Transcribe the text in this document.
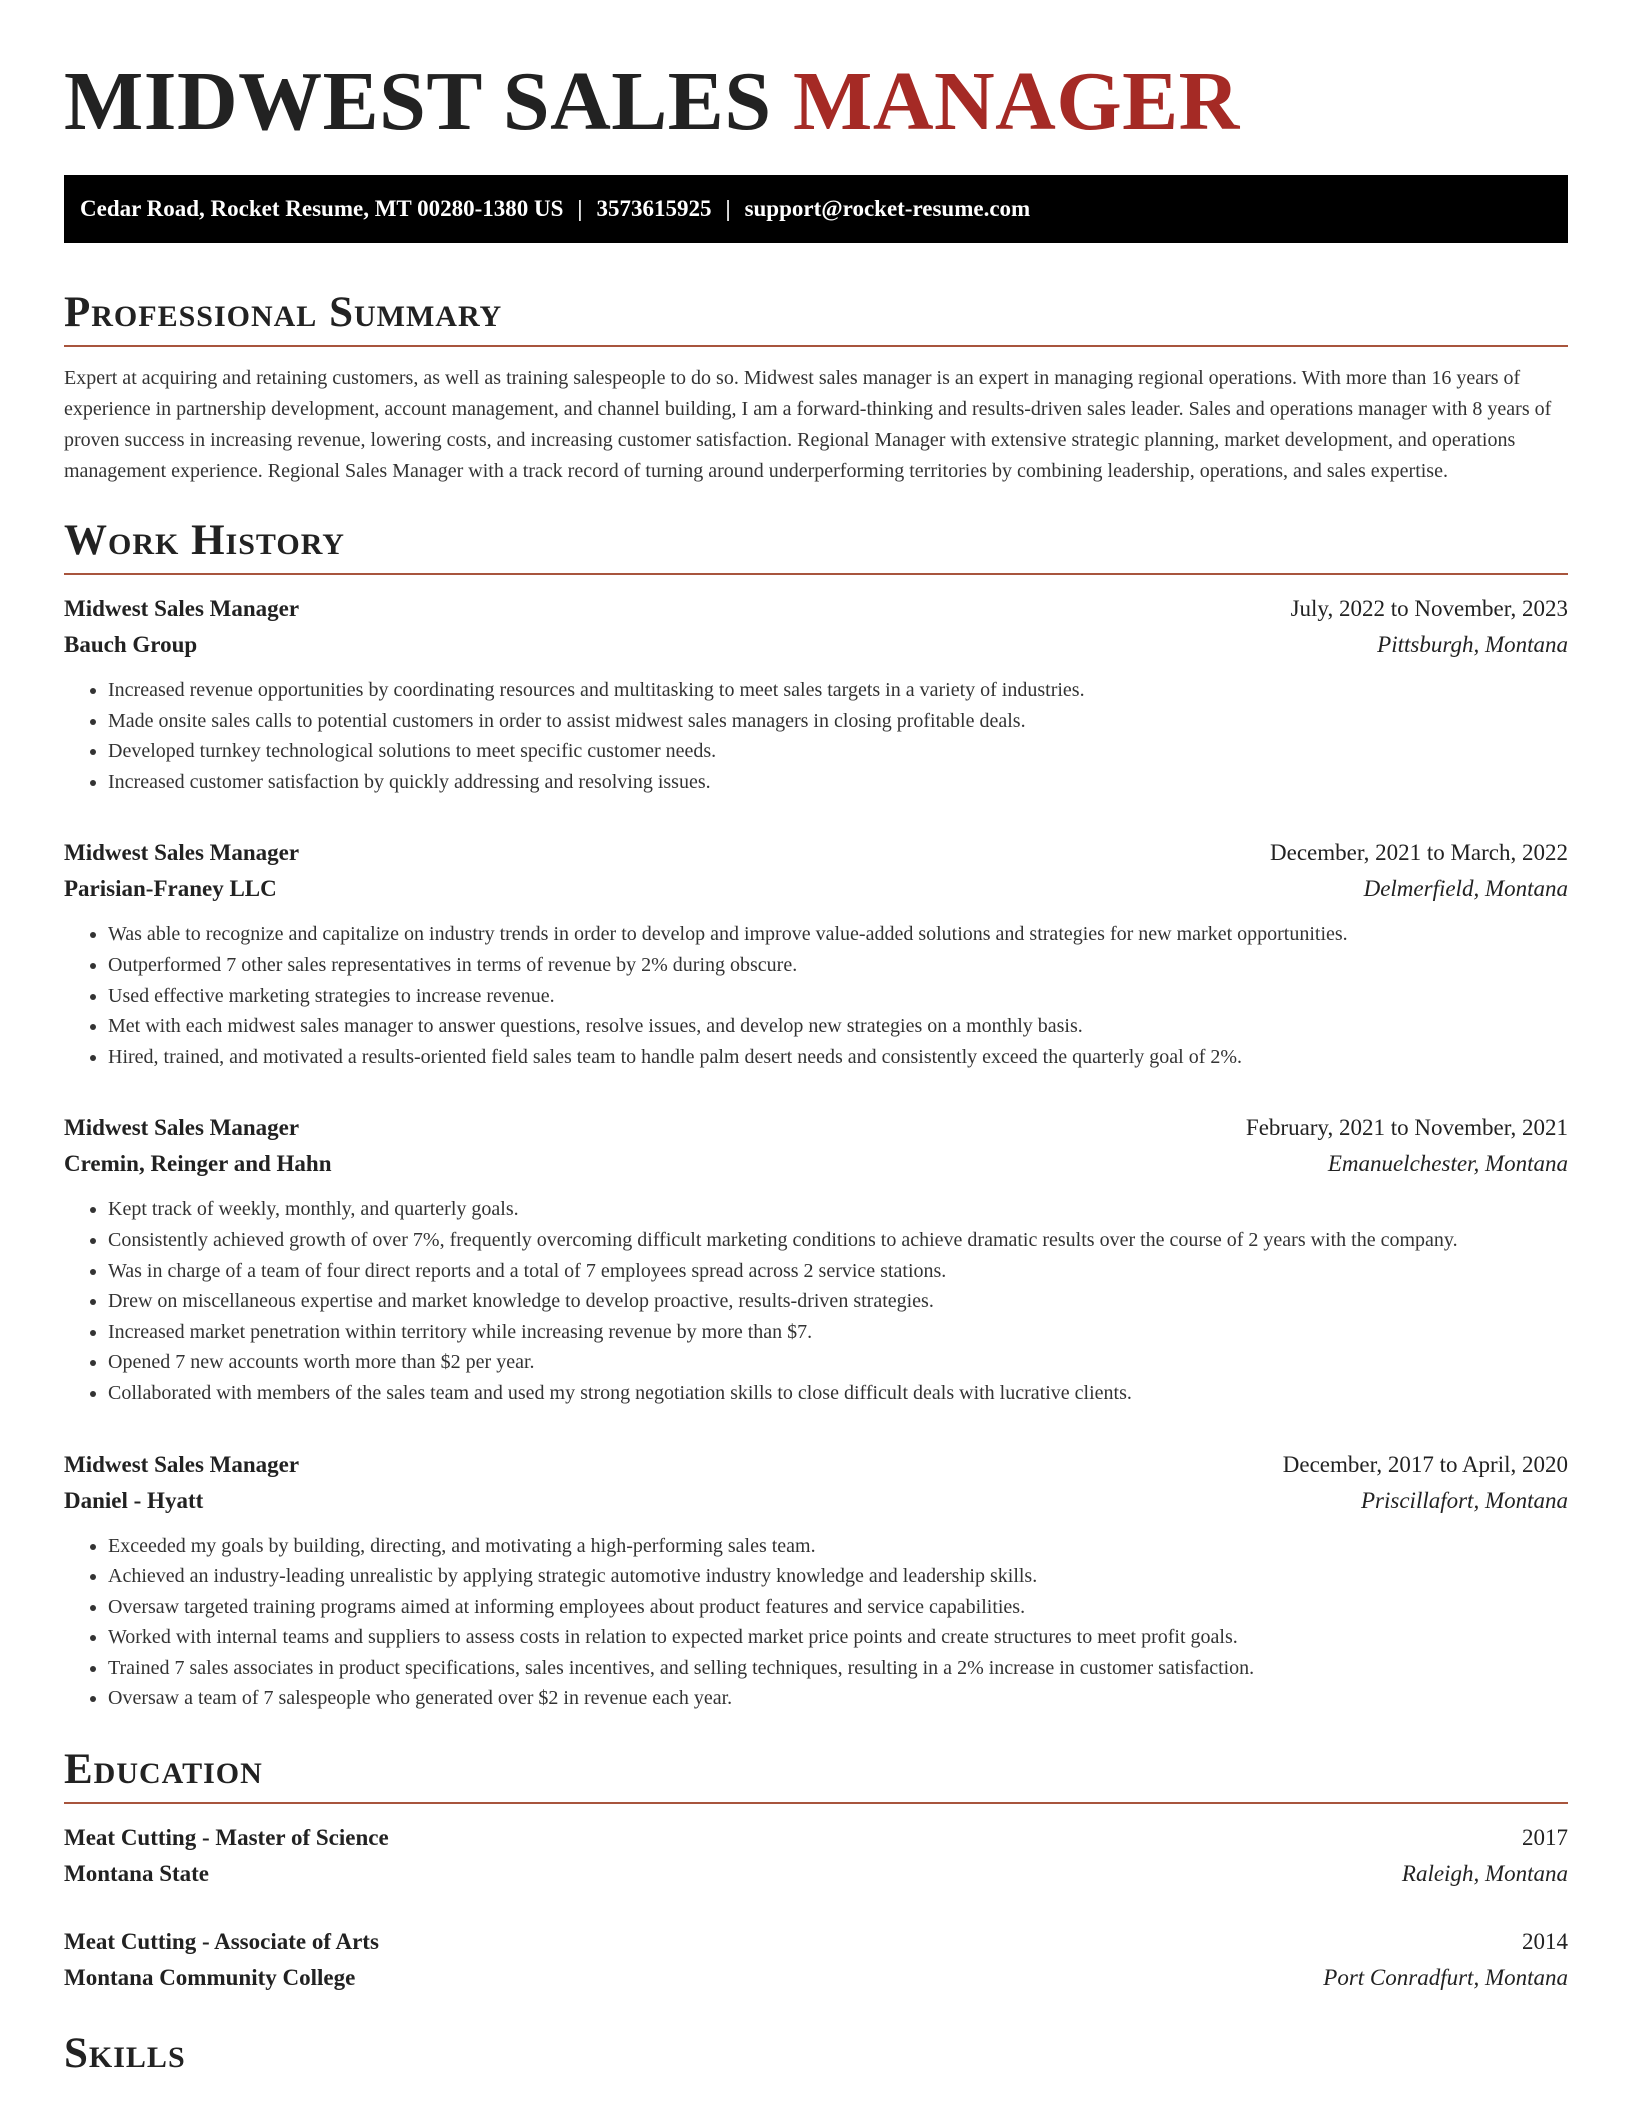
MIDWEST SALES MANAGER
Cedar Road, Rocket Resume, MT 00280-1380 US | 3573615925 | support@rocket-resume.com
Professional Summary

Expert at acquiring and retaining customers, as well as training salespeople to do so. Midwest sales manager is an expert in managing regional operations. With more than 16 years of experience in partnership development, account management, and channel building, I am a forward-thinking and results-driven sales leader. Sales and operations manager with 8 years of proven success in increasing revenue, lowering costs, and increasing customer satisfaction. Regional Manager with extensive strategic planning, market development, and operations management experience. Regional Sales Manager with a track record of turning around underperforming territories by combining leadership, operations, and sales expertise.

Work History
Midwest Sales Manager	July, 2022 to November, 2023
Bauch Group	Pittsburgh, Montana
• Increased revenue opportunities by coordinating resources and multitasking to meet sales targets in a variety of industries.
• Made onsite sales calls to potential customers in order to assist midwest sales managers in closing profitable deals.
• Developed turnkey technological solutions to meet specific customer needs.
• Increased customer satisfaction by quickly addressing and resolving issues.
Midwest Sales Manager	December, 2021 to March, 2022
Parisian-Franey LLC	Delmerfield, Montana
• Was able to recognize and capitalize on industry trends in order to develop and improve value-added solutions and strategies for new market opportunities.
• Outperformed 7 other sales representatives in terms of revenue by 2% during obscure.
• Used effective marketing strategies to increase revenue.
• Met with each midwest sales manager to answer questions, resolve issues, and develop new strategies on a monthly basis.
• Hired, trained, and motivated a results-oriented field sales team to handle palm desert needs and consistently exceed the quarterly goal of 2%.
Midwest Sales Manager	February, 2021 to November, 2021
Cremin, Reinger and Hahn	Emanuelchester, Montana
• Kept track of weekly, monthly, and quarterly goals.
• Consistently achieved growth of over 7%, frequently overcoming difficult marketing conditions to achieve dramatic results over the course of 2 years with the company.
• Was in charge of a team of four direct reports and a total of 7 employees spread across 2 service stations.
• Drew on miscellaneous expertise and market knowledge to develop proactive, results-driven strategies.
• Increased market penetration within territory while increasing revenue by more than $7.
• Opened 7 new accounts worth more than $2 per year.
• Collaborated with members of the sales team and used my strong negotiation skills to close difficult deals with lucrative clients.
Midwest Sales Manager	December, 2017 to April, 2020
Daniel - Hyatt	Priscillafort, Montana
• Exceeded my goals by building, directing, and motivating a high-performing sales team.
• Achieved an industry-leading unrealistic by applying strategic automotive industry knowledge and leadership skills.
• Oversaw targeted training programs aimed at informing employees about product features and service capabilities.
• Worked with internal teams and suppliers to assess costs in relation to expected market price points and create structures to meet profit goals.
• Trained 7 sales associates in product specifications, sales incentives, and selling techniques, resulting in a 2% increase in customer satisfaction.
• Oversaw a team of 7 salespeople who generated over $2 in revenue each year.
Education
Meat Cutting - Master of Science	2017
Montana State	Raleigh, Montana
Meat Cutting - Associate of Arts	2014
Montana Community College	Port Conradfurt, Montana
Skills
